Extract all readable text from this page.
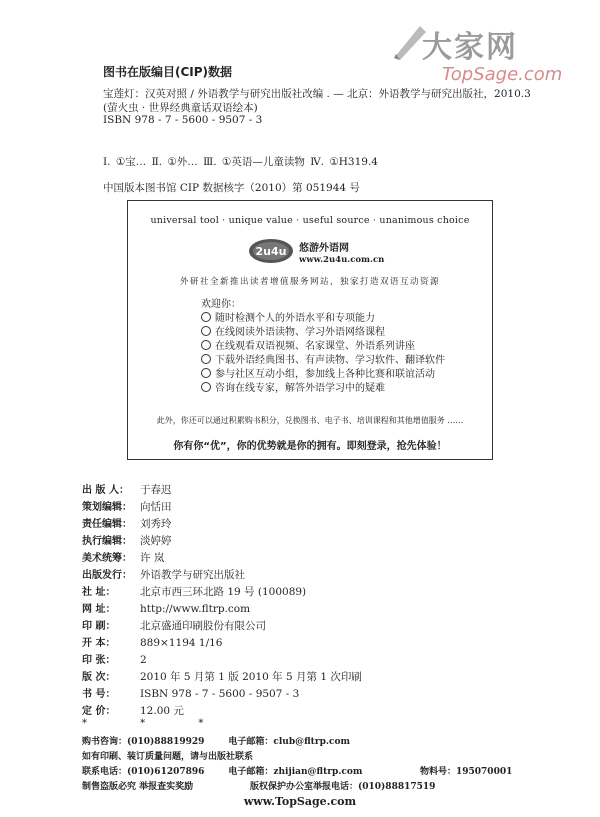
大家网
TopSage.com
图书在版编目(CIP)数据
宝莲灯：汉英对照 / 外语教学与研究出版社改编 . — 北京：外语教学与研究出版社，2010.3
(萤火虫 · 世界经典童话双语绘本)
ISBN 978 - 7 - 5600 - 9507 - 3
Ⅰ. ①宝… Ⅱ. ①外… Ⅲ. ①英语—儿童读物 Ⅳ. ①H319.4
中国版本图书馆 CIP 数据核字（2010）第 051944 号
universal tool · unique value · useful source · unanimous choice
2u4u 悠游外语网
www.2u4u.com.cn
外研社全新推出读者增值服务网站，独家打造双语互动资源
欢迎你：
随时检测个人的外语水平和专项能力
在线阅读外语读物、学习外语网络课程
在线观看双语视频、名家课堂、外语系列讲座
下载外语经典图书、有声读物、学习软件、翻译软件
参与社区互动小组，参加线上各种比赛和联谊活动
咨询在线专家，解答外语学习中的疑难
此外，你还可以通过积累购书积分，兑换图书、电子书、培训课程和其他增值服务 ……
你有你“优”，你的优势就是你的拥有。即刻登录，抢先体验！
出 版 人： 于春迟
策划编辑： 向恬田
责任编辑： 刘秀玲
执行编辑： 淡婷婷
美术统筹： 许 岚
出版发行： 外语教学与研究出版社
社 址： 北京市西三环北路 19 号 (100089)
网 址： http://www.fltrp.com
印 刷： 北京盛通印刷股份有限公司
开 本： 889×1194 1/16
印 张： 2
版 次： 2010 年 5 月第 1 版 2010 年 5 月第 1 次印刷
书 号： ISBN 978 - 7 - 5600 - 9507 - 3
定 价： 12.00 元
* * *
购书咨询：(010)88819929	电子邮箱：club@fltrp.com
如有印刷、装订质量问题，请与出版社联系
联系电话：(010)61207896	电子邮箱：zhijian@fltrp.com
制售盗版必究 举报查实奖励
www.TopSage.com
版权保护办公室举报电话：(010)88817519
物料号：195070001
